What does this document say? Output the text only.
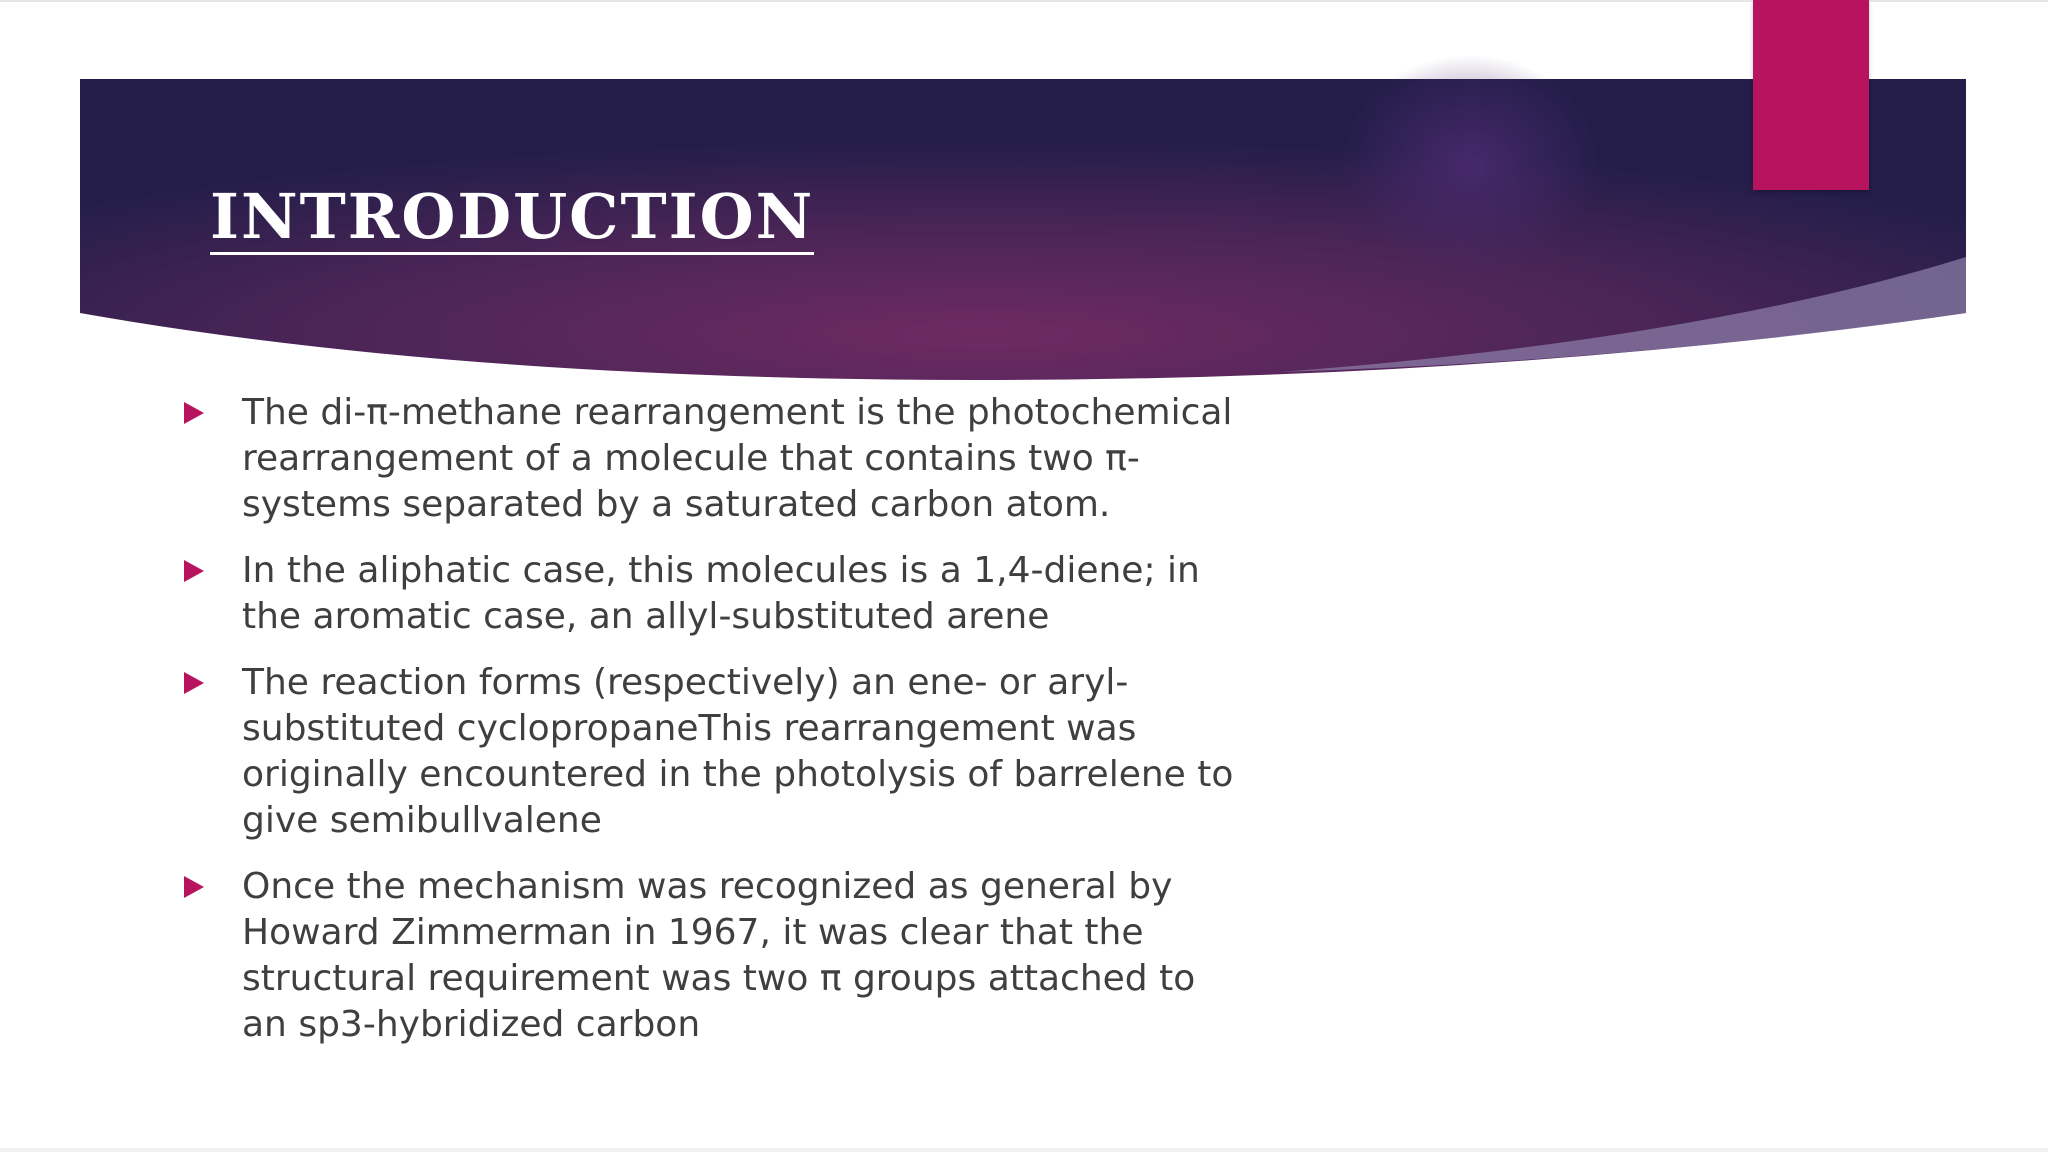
INTRODUCTION
The di-π-methane rearrangement is the photochemical rearrangement of a molecule that contains two π-systems separated by a saturated carbon atom.
In the aliphatic case, this molecules is a 1,4-diene; in the aromatic case, an allyl-substituted arene
The reaction forms (respectively) an ene- or aryl-substituted cyclopropaneThis rearrangement was originally encountered in the photolysis of barrelene to give semibullvalene
Once the mechanism was recognized as general by Howard Zimmerman in 1967, it was clear that the structural requirement was two π groups attached to an sp3-hybridized carbon
